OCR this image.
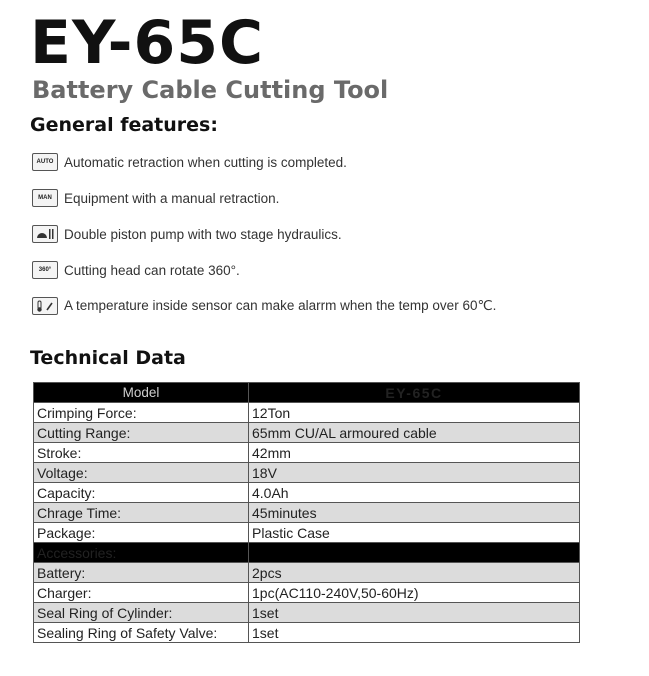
EY-65C
Battery Cable Cutting Tool
General features:
AUTO Automatic retraction when cutting is completed.
MAN Equipment with a manual retraction.
Double piston pump with two stage hydraulics.
360° Cutting head can rotate 360°.
A temperature inside sensor can make alarrm when the temp over 60℃.
Technical Data
Model	EY-65C
Crimping Force:	12Ton
Cutting Range:	65mm CU/AL armoured cable
Stroke:	42mm
Voltage:	18V
Capacity:	4.0Ah
Chrage Time:	45minutes
Package:	Plastic Case
Accessories:	
Battery:	2pcs
Charger:	1pc(AC110-240V,50-60Hz)
Seal Ring of Cylinder:	1set
Sealing Ring of Safety Valve:	1set
